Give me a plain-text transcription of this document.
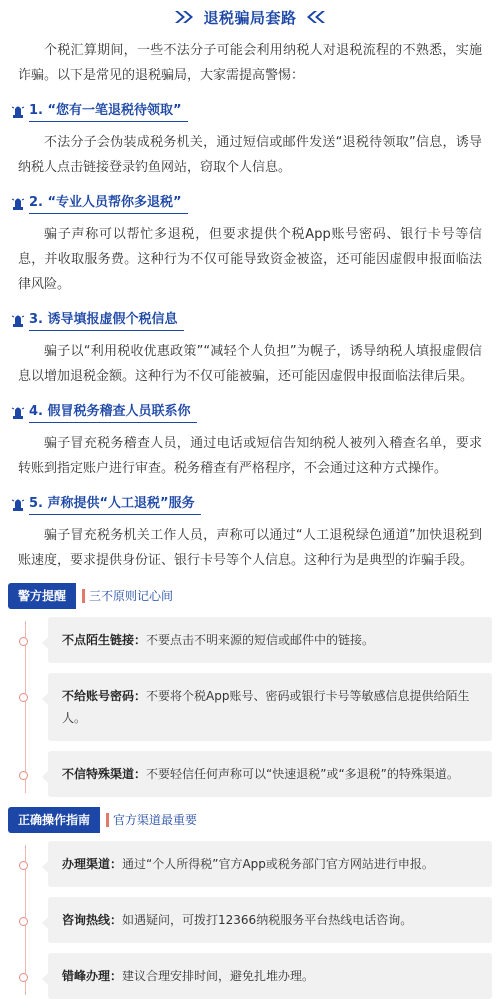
退税骗局套路

个税汇算期间，一些不法分子可能会利用纳税人对退税流程的不熟悉，实施诈骗。以下是常见的退税骗局，大家需提高警惕：

1. “您有一笔退税待领取”

不法分子会伪装成税务机关，通过短信或邮件发送“退税待领取”信息，诱导纳税人点击链接登录钓鱼网站，窃取个人信息。

2. “专业人员帮你多退税”

骗子声称可以帮忙多退税，但要求提供个税App账号密码、银行卡号等信息，并收取服务费。这种行为不仅可能导致资金被盗，还可能因虚假申报面临法律风险。

3. 诱导填报虚假个税信息

骗子以“利用税收优惠政策”“减轻个人负担”为幌子，诱导纳税人填报虚假信息以增加退税金额。这种行为不仅可能被骗，还可能因虚假申报面临法律后果。

4. 假冒税务稽查人员联系你

骗子冒充税务稽查人员，通过电话或短信告知纳税人被列入稽查名单，要求转账到指定账户进行审查。税务稽查有严格程序，不会通过这种方式操作。

5. 声称提供“人工退税”服务

骗子冒充税务机关工作人员，声称可以通过“人工退税绿色通道”加快退税到账速度，要求提供身份证、银行卡号等个人信息。这种行为是典型的诈骗手段。

警方提醒	三不原则记心间
不点陌生链接：不要点击不明来源的短信或邮件中的链接。
不给账号密码：不要将个税App账号、密码或银行卡号等敏感信息提供给陌生人。
不信特殊渠道：不要轻信任何声称可以“快速退税”或“多退税”的特殊渠道。
正确操作指南	官方渠道最重要
办理渠道：通过“个人所得税”官方App或税务部门官方网站进行申报。
咨询热线：如遇疑问，可拨打12366纳税服务平台热线电话咨询。
错峰办理：建议合理安排时间，避免扎堆办理。
